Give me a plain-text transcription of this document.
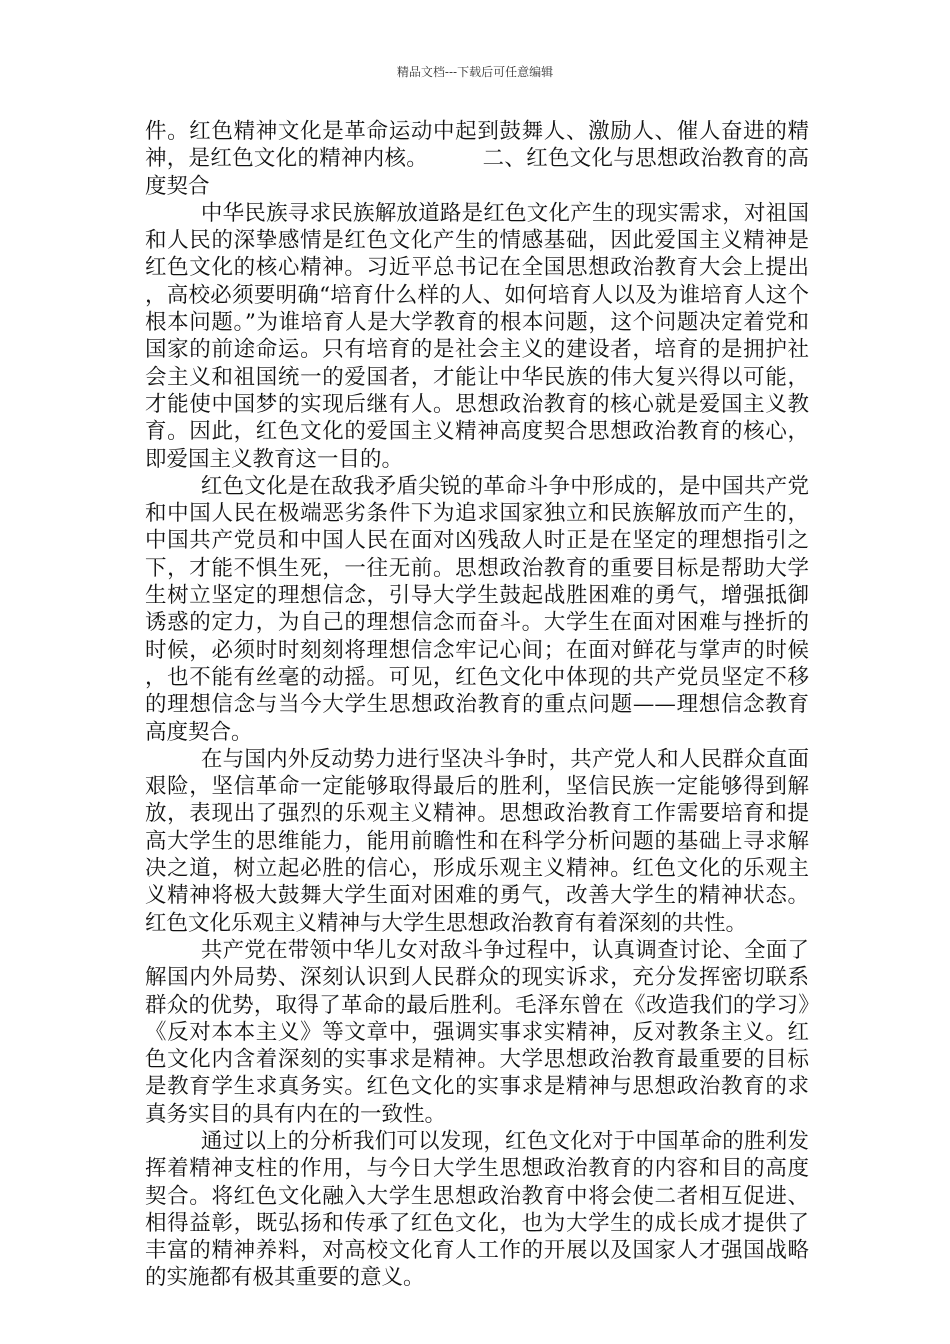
精品文档---下载后可任意编辑

件。红色精神文化是革命运动中起到鼓舞人、激励人、催人奋进的精神，是红色文化的精神内核。　　　二、红色文化与思想政治教育的高度契合

中华民族寻求民族解放道路是红色文化产生的现实需求，对祖国和人民的深挚感情是红色文化产生的情感基础，因此爱国主义精神是红色文化的核心精神。习近平总书记在全国思想政治教育大会上提出，高校必须要明确“培育什么样的人、如何培育人以及为谁培育人这个根本问题。”为谁培育人是大学教育的根本问题，这个问题决定着党和国家的前途命运。只有培育的是社会主义的建设者，培育的是拥护社会主义和祖国统一的爱国者，才能让中华民族的伟大复兴得以可能，才能使中国梦的实现后继有人。思想政治教育的核心就是爱国主义教育。因此，红色文化的爱国主义精神高度契合思想政治教育的核心，即爱国主义教育这一目的。

红色文化是在敌我矛盾尖锐的革命斗争中形成的，是中国共产党和中国人民在极端恶劣条件下为追求国家独立和民族解放而产生的，中国共产党员和中国人民在面对凶残敌人时正是在坚定的理想指引之下，才能不惧生死，一往无前。思想政治教育的重要目标是帮助大学生树立坚定的理想信念，引导大学生鼓起战胜困难的勇气，增强抵御诱惑的定力，为自己的理想信念而奋斗。大学生在面对困难与挫折的时候，必须时时刻刻将理想信念牢记心间；在面对鲜花与掌声的时候，也不能有丝毫的动摇。可见，红色文化中体现的共产党员坚定不移的理想信念与当今大学生思想政治教育的重点问题——理想信念教育高度契合。

在与国内外反动势力进行坚决斗争时，共产党人和人民群众直面艰险，坚信革命一定能够取得最后的胜利，坚信民族一定能够得到解放，表现出了强烈的乐观主义精神。思想政治教育工作需要培育和提高大学生的思维能力，能用前瞻性和在科学分析问题的基础上寻求解决之道，树立起必胜的信心，形成乐观主义精神。红色文化的乐观主义精神将极大鼓舞大学生面对困难的勇气，改善大学生的精神状态。红色文化乐观主义精神与大学生思想政治教育有着深刻的共性。

共产党在带领中华儿女对敌斗争过程中，认真调查讨论、全面了解国内外局势、深刻认识到人民群众的现实诉求，充分发挥密切联系群众的优势，取得了革命的最后胜利。毛泽东曾在《改造我们的学习》《反对本本主义》等文章中，强调实事求实精神，反对教条主义。红色文化内含着深刻的实事求是精神。大学思想政治教育最重要的目标是教育学生求真务实。红色文化的实事求是精神与思想政治教育的求真务实目的具有内在的一致性。

通过以上的分析我们可以发现，红色文化对于中国革命的胜利发挥着精神支柱的作用，与今日大学生思想政治教育的内容和目的高度契合。将红色文化融入大学生思想政治教育中将会使二者相互促进、相得益彰，既弘扬和传承了红色文化，也为大学生的成长成才提供了丰富的精神养料，对高校文化育人工作的开展以及国家人才强国战略的实施都有极其重要的意义。
